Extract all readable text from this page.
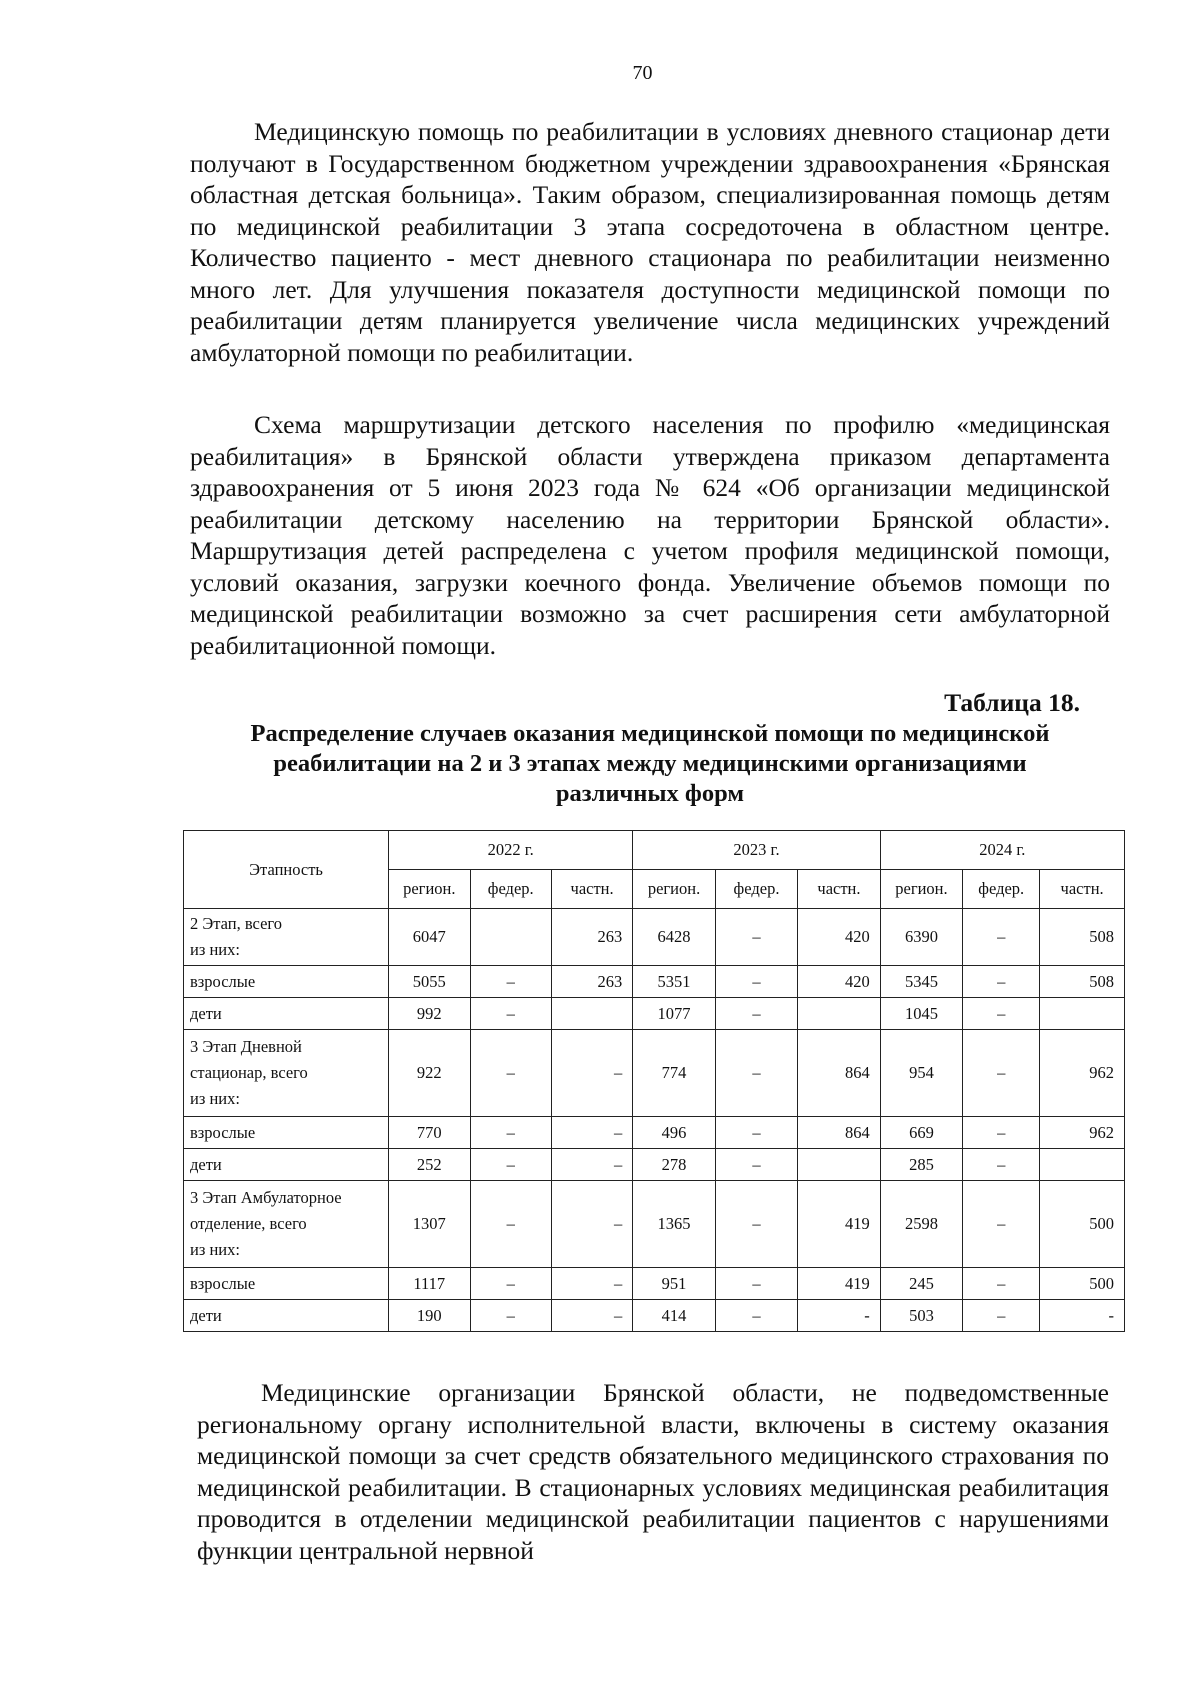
70

Медицинскую помощь по реабилитации в условиях дневного стационар дети получают в Государственном бюджетном учреждении здравоохранения «Брянская областная детская больница». Таким образом, специализированная помощь детям по медицинской реабилитации 3 этапа сосредоточена в областном центре. Количество пациенто - мест дневного стационара по реабилитации неизменно много лет. Для улучшения показателя доступности медицинской помощи по реабилитации детям планируется увеличение числа медицинских учреждений амбулаторной помощи по реабилитации.

Схема маршрутизации детского населения по профилю «медицинская реабилитация» в Брянской области утверждена приказом департамента здравоохранения от 5 июня 2023 года № 624 «Об организации медицинской реабилитации детскому населению на территории Брянской области». Маршрутизация детей распределена с учетом профиля медицинской помощи, условий оказания, загрузки коечного фонда. Увеличение объемов помощи по медицинской реабилитации возможно за счет расширения сети амбулаторной реабилитационной помощи.

Таблица 18.
Распределение случаев оказания медицинской помощи по медицинской
реабилитации на 2 и 3 этапах между медицинскими организациями
различных форм
Этапность	2022 г.			2023 г.			2024 г.		
	регион.	федер.	частн.	регион.	федер.	частн.	регион.	федер.	частн.

2 Этап, всего
из них:	6047		263	6428	–	420	6390	–	508

взрослые	5055	–	263	5351	–	420	5345	–	508

дети	992	–		1077	–		1045	–	

3 Этап Дневной
стационар, всего
из них:	922	–	–	774	–	864	954	–	962

взрослые	770	–	–	496	–	864	669	–	962

дети	252	–	–	278	–		285	–	

3 Этап Амбулаторное
отделение, всего
из них:	1307	–	–	1365	–	419	2598	–	500

взрослые	1117	–	–	951	–	419	245	–	500

дети	190	–	–	414	–	-	503	–	-

Медицинские организации Брянской области, не подведомственные региональному органу исполнительной власти, включены в систему оказания медицинской помощи за счет средств обязательного медицинского страхования по медицинской реабилитации. В стационарных условиях медицинская реабилитация проводится в отделении медицинской реабилитации пациентов с нарушениями функции центральной нервной
